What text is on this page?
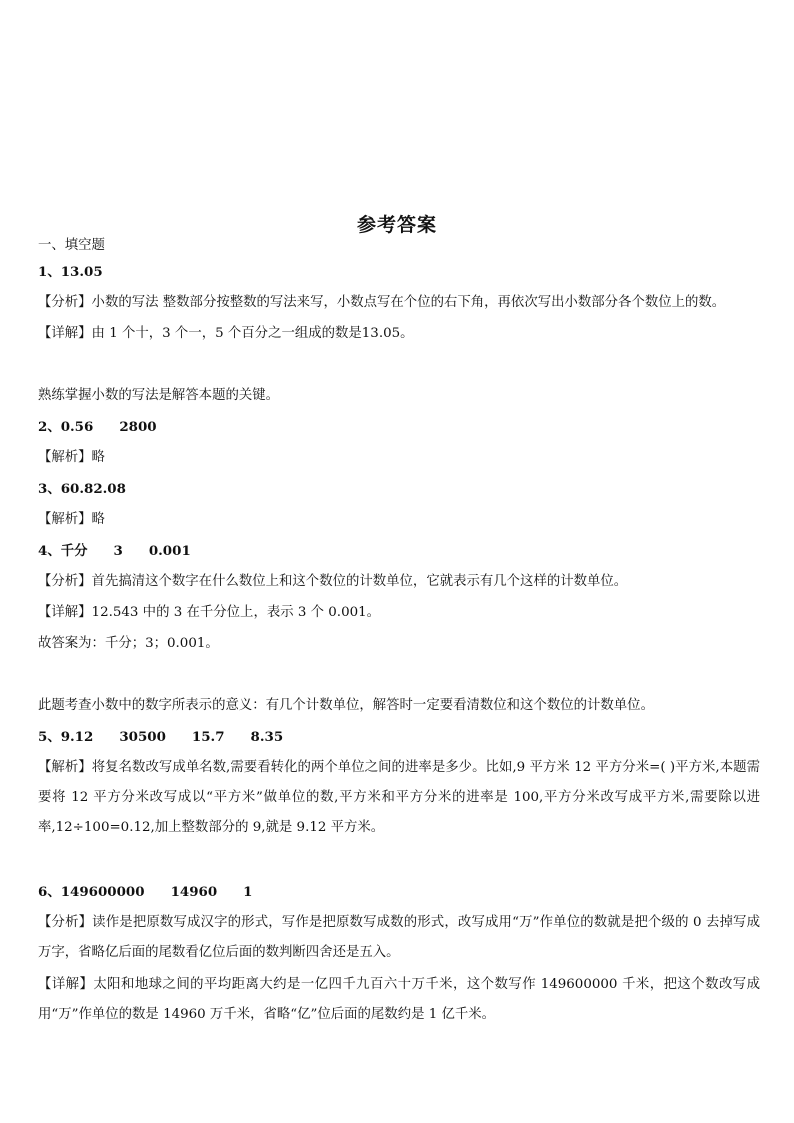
参考答案
一、填空题
1、13.05
【分析】小数的写法 整数部分按整数的写法来写，小数点写在个位的右下角，再依次写出小数部分各个数位上的数。
【详解】由 1 个十，3 个一，5 个百分之一组成的数是13.05。
熟练掌握小数的写法是解答本题的关键。
2、0.56 2800
【解析】略
3、60.82.08
【解析】略
4、千分 3 0.001
【分析】首先搞清这个数字在什么数位上和这个数位的计数单位，它就表示有几个这样的计数单位。
【详解】12.543 中的 3 在千分位上，表示 3 个 0.001。
故答案为：千分；3；0.001。
此题考查小数中的数字所表示的意义：有几个计数单位，解答时一定要看清数位和这个数位的计数单位。
5、9.12 30500 15.7 8.35
【解析】将复名数改写成单名数,需要看转化的两个单位之间的进率是多少。比如,9 平方米 12 平方分米=( )平方米,本题需要将 12 平方分米改写成以“平方米”做单位的数,平方米和平方分米的进率是 100,平方分米改写成平方米,需要除以进率,12÷100=0.12,加上整数部分的 9,就是 9.12 平方米。
6、149600000 14960 1
【分析】读作是把原数写成汉字的形式，写作是把原数写成数的形式，改写成用“万”作单位的数就是把个级的 0 去掉写成万字，省略亿后面的尾数看亿位后面的数判断四舍还是五入。
【详解】太阳和地球之间的平均距离大约是一亿四千九百六十万千米，这个数写作 149600000 千米，把这个数改写成用“万”作单位的数是 14960 万千米，省略“亿”位后面的尾数约是 1 亿千米。
